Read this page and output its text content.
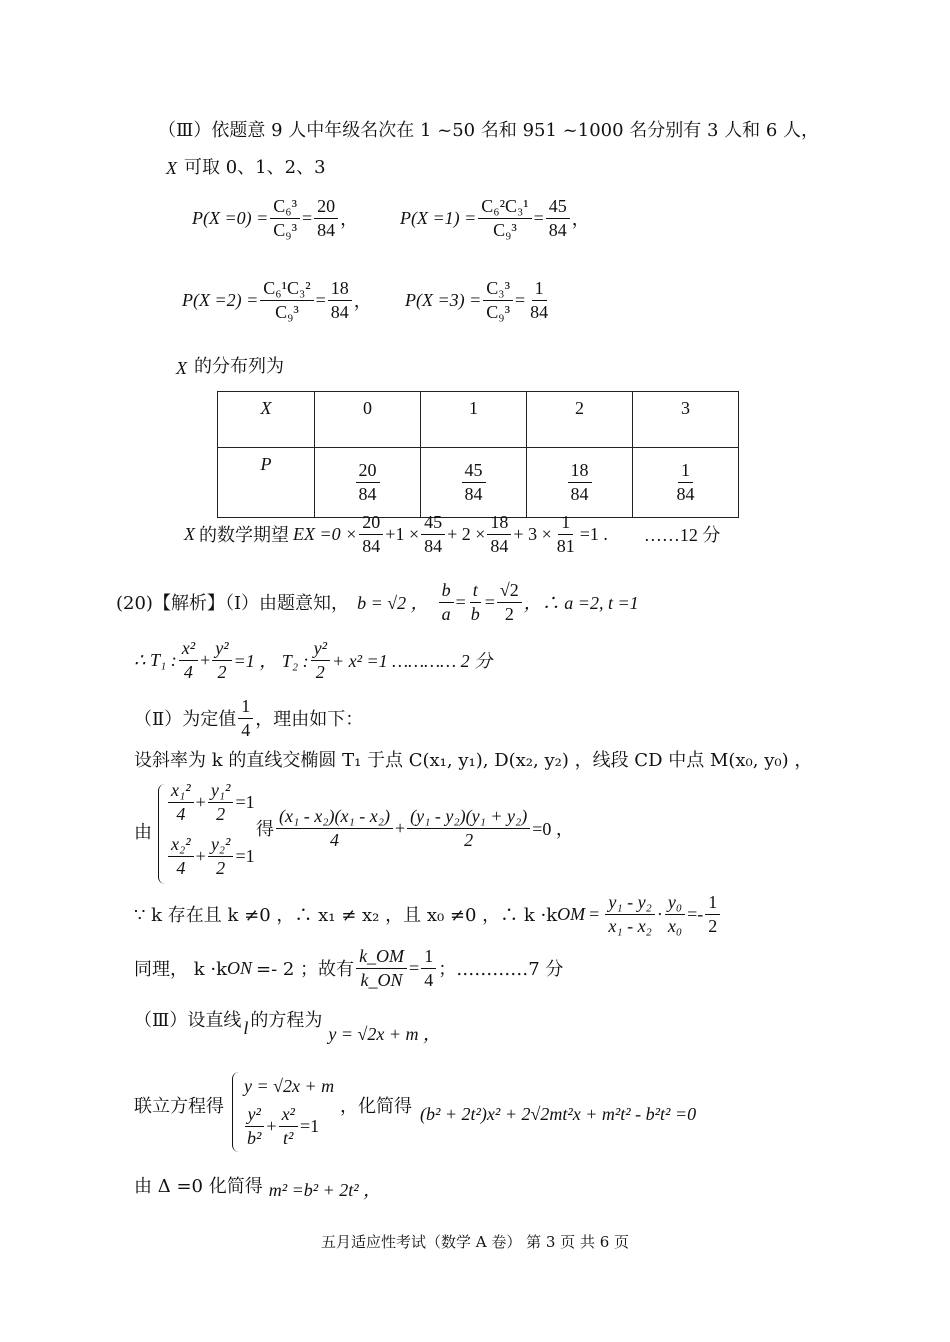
（Ⅲ）依题意 9 人中年级名次在 1 ~50 名和 951 ~1000 名分别有 3 人和 6 人，
X 可取 0、1、2、3
$P(X =0) = \frac{\text{C₆³}}{\text{C₉³}} = \frac{20}{84}$ ， $P(X =1) = \frac{\text{C₆²C₃¹}}{\text{C₉³}} = \frac{45}{84}$ ，
$P(X =2) = \frac{\text{C₆¹C₃²}}{\text{C₉³}} = \frac{18}{84}$ ， $P(X =3) = \frac{\text{C₃³}}{\text{C₉³}} = \frac{1}{84}$
X 的分布列为
X	0	1	2	3
P	$\frac{20}{84}$	$\frac{45}{84}$	$\frac{18}{84}$	$\frac{1}{84}$
X 的数学期望 EX $=0 \times \frac{20}{84} +1 \times \frac{45}{84} + 2 \times \frac{18}{84} + 3 \times \frac{1}{81} =1$ . ……12 分
(20)【解析】（Ⅰ）由题意知， b = √2 ， $\frac{b}{a} = \frac{t}{b} = \frac{√2}{2}$ ，∴ a =2, t =1
∴ T₁ : $\frac{\text{x²}}{4} + \frac{\text{y²}}{2} =1$ ， T₂ : $\frac{\text{y²}}{2} + x^2 =1$ ………… 2 分
（Ⅱ）为定值 $\frac{1}{4}$ ，理由如下：
设斜率为 k 的直线交椭圆 T₁ 于点 C(x₁, y₁), D(x₂, y₂) ，线段 CD 中点 M(x₀, y₀) ，
由
$\frac{\text{x₁²}}{4} + \frac{\text{y₁²}}{2} =1$
$\frac{\text{x₂²}}{4} + \frac{\text{y₂²}}{2} =1$
得 $\frac{\text{(x₁ - x₂)(x₁ - x₂)}}{4} + \frac{\text{(y₁ - y₂)(y₁ + y₂)}}{2} =0$ ，
∵ k 存在且 k ≠0 ，∴ x₁ ≠ x₂ ，且 x₀ ≠0 ，∴ k ·k OM = $\frac{\text{y₁ - y₂}}{\text{x₁ - x₂}} \cdot \frac{\text{y₀}}{\text{x₀}} =- \frac{1}{2}$
同理， k ·k ON =- 2 ；故有 $\frac{k\_OM}{k\_ON} = \frac{1}{4}$ ；…………7 分
（Ⅲ）设直线 l 的方程为
y = √2x + m ，
联立方程得
y = √2x + m
$\frac{\text{y²}}{\text{b²}} + \frac{\text{x²}}{\text{t²}} =1$
，化简得 (b² + 2t²)x² + 2√2mt²x + m²t² - b²t² =0
由 Δ =0 化简得 m² =b² + 2t² ，
五月适应性考试（数学 A 卷） 第 3 页 共 6 页
